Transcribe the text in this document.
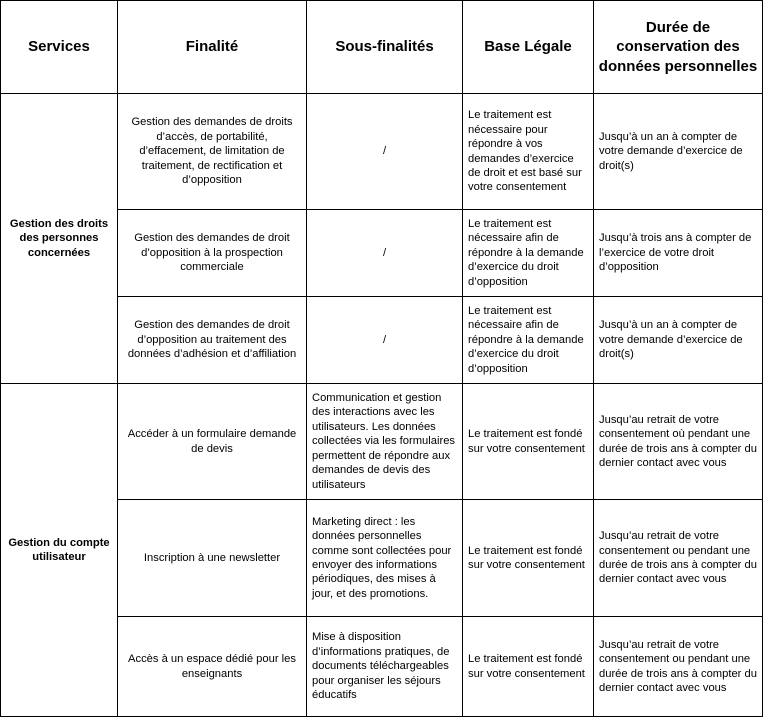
Services	Finalité	Sous-finalités	Base Légale	Durée de conservation des données personnelles
Gestion des droits des personnes concernées	Gestion des demandes de droits d’accès, de portabilité, d’effacement, de limitation de traitement, de rectification et d’opposition	/	Le traitement est nécessaire pour répondre à vos demandes d’exercice de droit et est basé sur votre consentement	Jusqu’à un an à compter de votre demande d’exercice de droit(s)
	Gestion des demandes de droit d’opposition à la prospection commerciale	/	Le traitement est nécessaire afin de répondre à la demande d’exercice du droit d’opposition	Jusqu’à trois ans à compter de l’exercice de votre droit d’opposition
	Gestion des demandes de droit d’opposition au traitement des données d’adhésion et d’affiliation	/	Le traitement est nécessaire afin de répondre à la demande d’exercice du droit d’opposition	Jusqu’à un an à compter de votre demande d’exercice de droit(s)
Gestion du compte utilisateur	Accéder à un formulaire demande de devis	Communication et gestion des interactions avec les utilisateurs. Les données collectées via les formulaires permettent de répondre aux demandes de devis des utilisateurs	Le traitement est fondé sur votre consentement	Jusqu’au retrait de votre consentement où pendant une durée de trois ans à compter du dernier contact avec vous
	Inscription à une newsletter	Marketing direct : les données personnelles comme sont collectées pour envoyer des informations périodiques, des mises à jour, et des promotions.	Le traitement est fondé sur votre consentement	Jusqu’au retrait de votre consentement ou pendant une durée de trois ans à compter du dernier contact avec vous
	Accès à un espace dédié pour les enseignants	Mise à disposition d’informations pratiques, de documents téléchargeables pour organiser les séjours éducatifs	Le traitement est fondé sur votre consentement	Jusqu’au retrait de votre consentement ou pendant une durée de trois ans à compter du dernier contact avec vous
